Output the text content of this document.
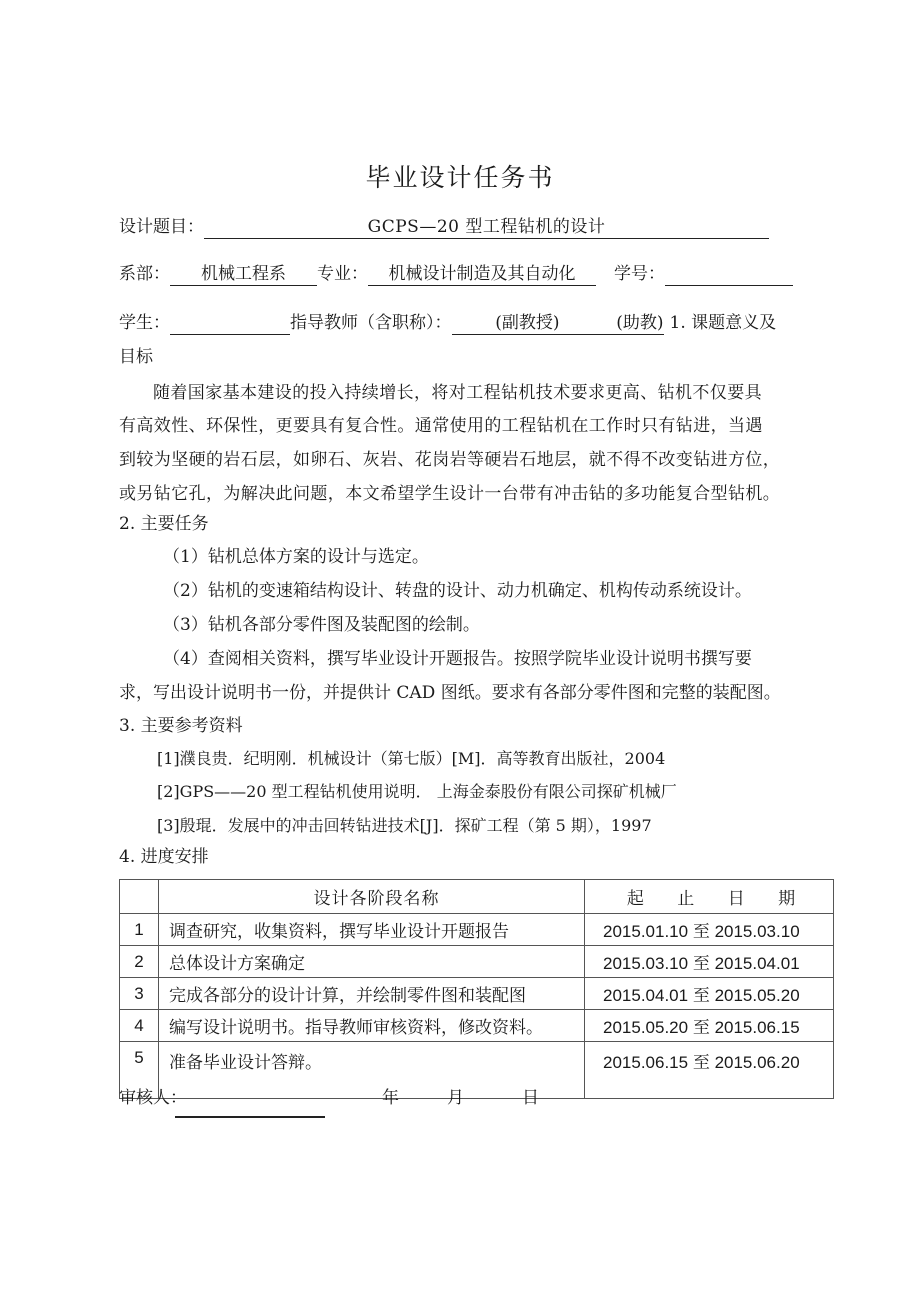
毕业设计任务书
设计题目：	GCPS—20 型工程钻机的设计
系部： 机械工程系 专业： 机械设计制造及其自动化 学号：
学生：	指导教师（含职称）：	(副教授)	(助教) 1. 课题意义及
目标
随着国家基本建设的投入持续增长，将对工程钻机技术要求更高、钻机不仅要具
有高效性、环保性，更要具有复合性。通常使用的工程钻机在工作时只有钻进，当遇
到较为坚硬的岩石层，如卵石、灰岩、花岗岩等硬岩石地层，就不得不改变钻进方位，
或另钻它孔，为解决此问题，本文希望学生设计一台带有冲击钻的多功能复合型钻机。
2. 主要任务
（1）钻机总体方案的设计与选定。
（2）钻机的变速箱结构设计、转盘的设计、动力机确定、机构传动系统设计。
（3）钻机各部分零件图及装配图的绘制。
（4）查阅相关资料，撰写毕业设计开题报告。按照学院毕业设计说明书撰写要
求，写出设计说明书一份，并提供计 CAD 图纸。要求有各部分零件图和完整的装配图。
3. 主要参考资料
[1]濮良贵．纪明刚．机械设计（第七版）[M]．高等教育出版社，2004
[2]GPS——20 型工程钻机使用说明． 上海金泰股份有限公司探矿机械厂
[3]殷琨．发展中的冲击回转钻进技术[J]．探矿工程（第 5 期），1997
4. 进度安排
	设计各阶段名称	起 止 日 期
1	调查研究，收集资料，撰写毕业设计开题报告	2015.01.10 至 2015.03.10
2	总体设计方案确定	2015.03.10 至 2015.04.01
3	完成各部分的设计计算，并绘制零件图和装配图	2015.04.01 至 2015.05.20
4	编写设计说明书。指导教师审核资料，修改资料。	2015.05.20 至 2015.06.15
5	准备毕业设计答辩。	2015.06.15 至 2015.06.20
审核人：	年	月	日
